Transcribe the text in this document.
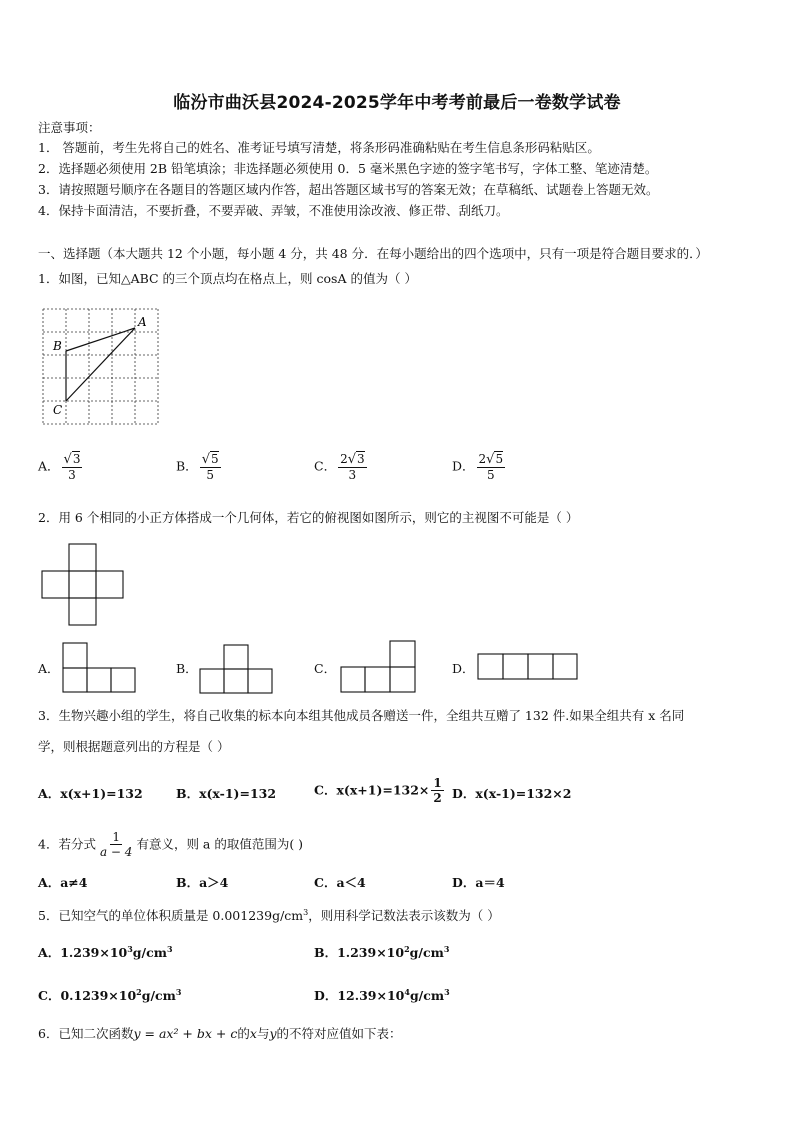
临汾市曲沃县2024-2025学年中考考前最后一卷数学试卷
注意事项：
1． 答题前，考生先将自己的姓名、准考证号填写清楚，将条形码准确粘贴在考生信息条形码粘贴区。
2．选择题必须使用 2B 铅笔填涂；非选择题必须使用 0．5 毫米黑色字迹的签字笔书写，字体工整、笔迹清楚。
3．请按照题号顺序在各题目的答题区域内作答，超出答题区域书写的答案无效；在草稿纸、试题卷上答题无效。
4．保持卡面清洁，不要折叠，不要弄破、弄皱，不准使用涂改液、修正带、刮纸刀。
一、选择题（本大题共 12 个小题，每小题 4 分，共 48 分．在每小题给出的四个选项中，只有一项是符合题目要求的．）
1．如图，已知△ABC 的三个顶点均在格点上，则 cosA 的值为（ ）
A
B
C
A． $\frac{√3}{3}$	B． $\frac{√5}{5}$	C． $\frac{2√3}{3}$	D． $\frac{2√5}{5}$
2．用 6 个相同的小正方体搭成一个几何体，若它的俯视图如图所示，则它的主视图不可能是（ ）
A．	B．	C．	D．
3．生物兴趣小组的学生，将自己收集的标本向本组其他成员各赠送一件，全组共互赠了 132 件.如果全组共有 x 名同
学，则根据题意列出的方程是（ ）
A．x(x+1)=132	B．x(x-1)=132	C．$x(x+1)=132\times \frac{1}{2}$ D．x(x-1)=132×2
4．若分式 $\frac{1}{a - 4}$ 有意义，则 a 的取值范围为( )
A．a≠4	B．a＞4	C．a＜4	D．a＝4
5．已知空气的单位体积质量是 $0.001239g/cm^3$，则用科学记数法表示该数为（ ）
A．$1.239\times 10^3g/cm^3$	B．$1.239\times 10^2g/cm^3$
C．$0.1239\times 10^2g/cm^3$	D．$12.39\times 10^4g/cm^3$
6．已知二次函数y = ax² + bx + c的x与y的不符对应值如下表：
